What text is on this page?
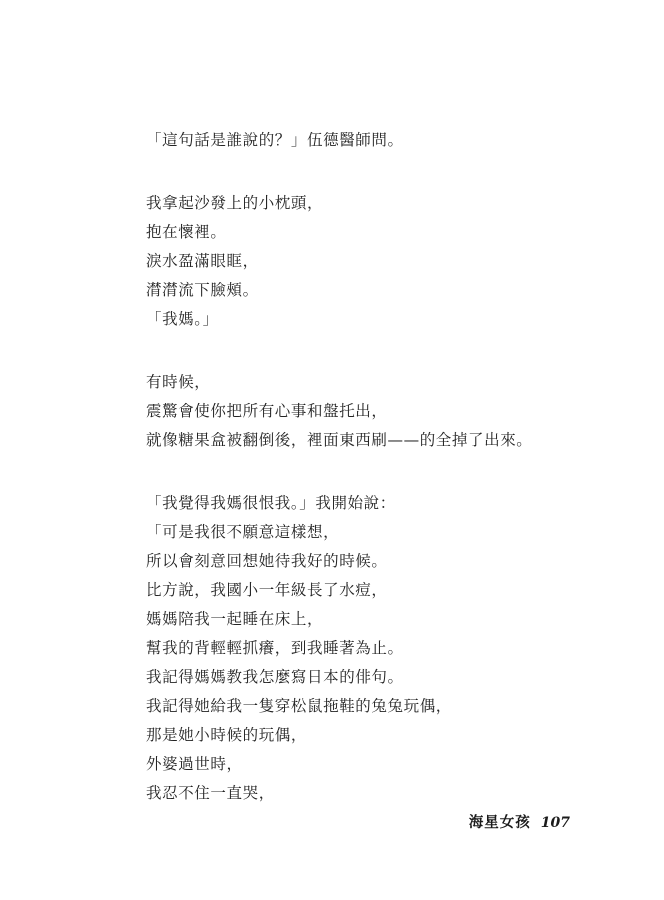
「這句話是誰說的？」伍德醫師問。
我拿起沙發上的小枕頭，
抱在懷裡。
淚水盈滿眼眶，
潸潸流下臉頰。
「我媽。」
有時候，
震驚會使你把所有心事和盤托出，
就像糖果盒被翻倒後，裡面東西刷——的全掉了出來。
「我覺得我媽很恨我。」我開始說：
「可是我很不願意這樣想，
所以會刻意回想她待我好的時候。
比方說，我國小一年級長了水痘，
媽媽陪我一起睡在床上，
幫我的背輕輕抓癢，到我睡著為止。
我記得媽媽教我怎麼寫日本的俳句。
我記得她給我一隻穿松鼠拖鞋的兔兔玩偶，
那是她小時候的玩偶，
外婆過世時，
我忍不住一直哭，
海星女孩 107
